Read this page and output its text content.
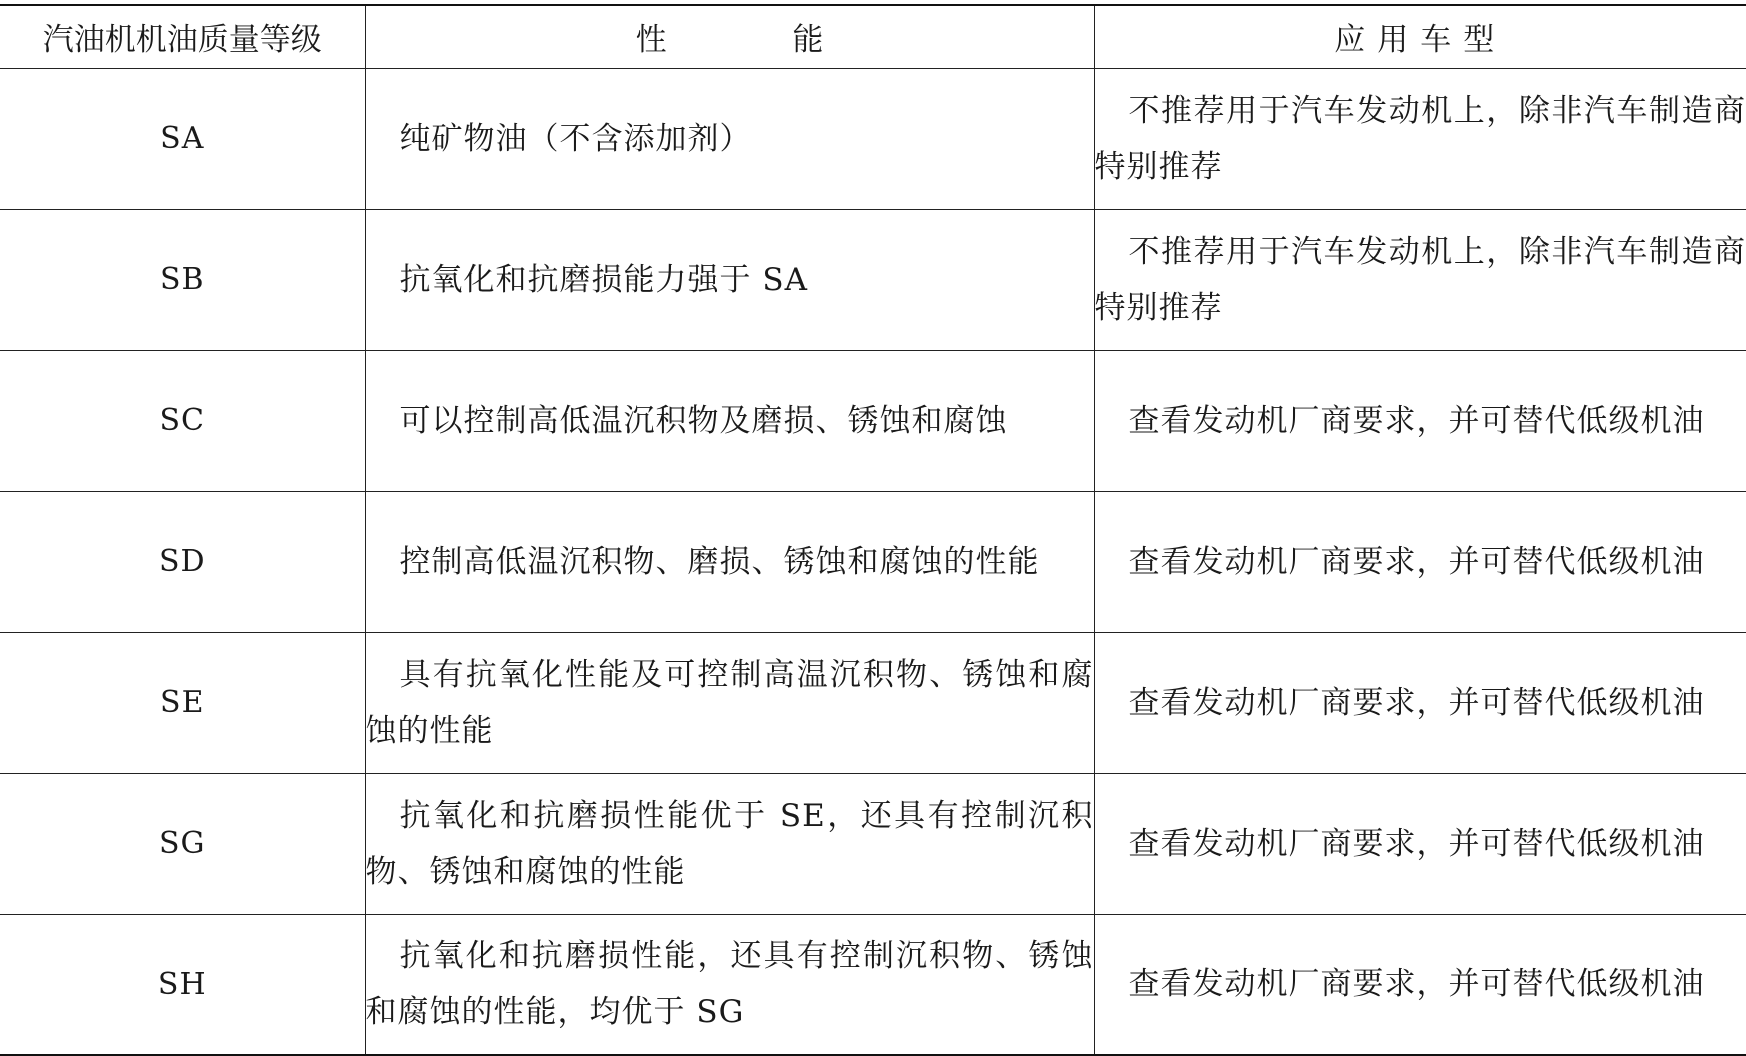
汽油机机油质量等级	性 能	应用车型
SA	纯矿物油（不含添加剂）	不推荐用于汽车发动机上，除非汽车制造商特别推荐

SB	抗氧化和抗磨损能力强于 SA	不推荐用于汽车发动机上，除非汽车制造商特别推荐

SC	可以控制高低温沉积物及磨损、锈蚀和腐蚀	查看发动机厂商要求，并可替代低级机油

SD	控制高低温沉积物、磨损、锈蚀和腐蚀的性能	查看发动机厂商要求，并可替代低级机油

SE	具有抗氧化性能及可控制高温沉积物、锈蚀和腐蚀的性能	查看发动机厂商要求，并可替代低级机油

SG	抗氧化和抗磨损性能优于 SE，还具有控制沉积物、锈蚀和腐蚀的性能	查看发动机厂商要求，并可替代低级机油

SH	抗氧化和抗磨损性能，还具有控制沉积物、锈蚀和腐蚀的性能，均优于 SG	查看发动机厂商要求，并可替代低级机油
